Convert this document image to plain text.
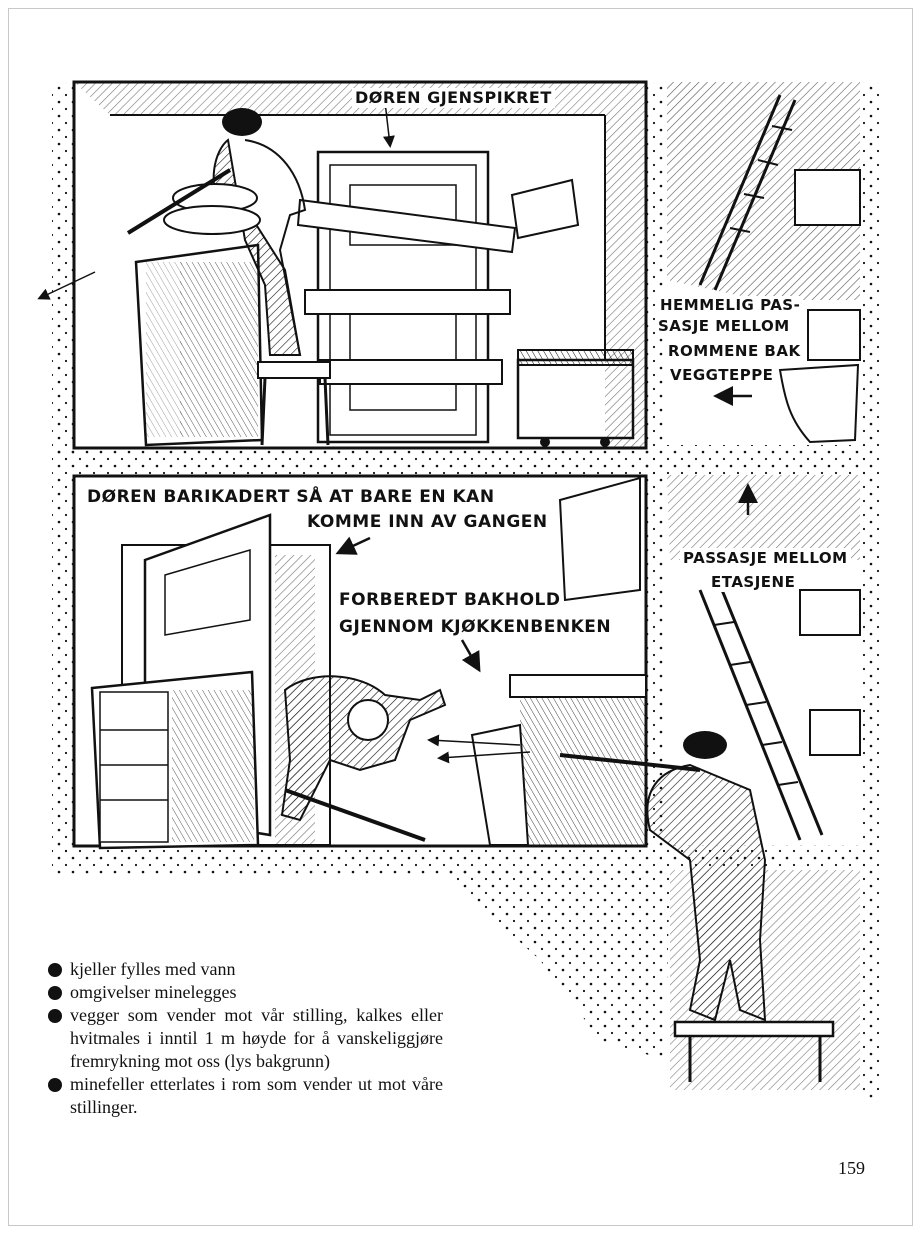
DØREN GJENSPIKRET
HEMMELIG PAS-
SASJE MELLOM
ROMMENE BAK
VEGGTEPPE
DØREN BARIKADERT SÅ AT BARE EN KAN
KOMME INN AV GANGEN
FORBEREDT BAKHOLD
GJENNOM KJØKKENBENKEN
PASSASJE MELLOM
ETASJENE
kjeller fylles med vann
omgivelser minelegges
vegger som vender mot vår stilling, kalkes eller hvitmales i inntil 1 m høyde for å vanskeliggjøre fremrykning mot oss (lys bakgrunn)
minefeller etterlates i rom som vender ut mot våre stillinger.
159
